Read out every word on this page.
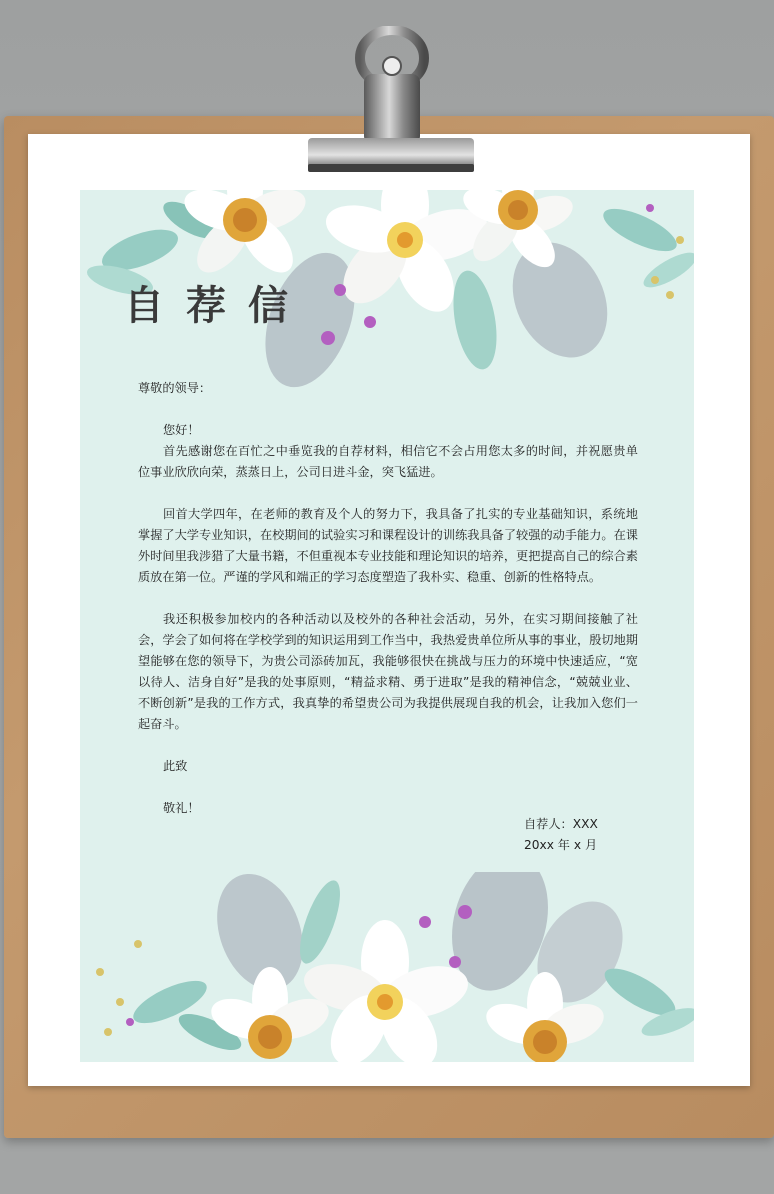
自荐信

尊敬的领导：

您好！

首先感谢您在百忙之中垂览我的自荐材料，相信它不会占用您太多的时间，并祝愿贵单位事业欣欣向荣，蒸蒸日上，公司日进斗金，突飞猛进。

回首大学四年，在老师的教育及个人的努力下，我具备了扎实的专业基础知识，系统地掌握了大学专业知识，在校期间的试验实习和课程设计的训练我具备了较强的动手能力。在课外时间里我涉猎了大量书籍，不但重视本专业技能和理论知识的培养，更把提高自己的综合素质放在第一位。严谨的学风和端正的学习态度塑造了我朴实、稳重、创新的性格特点。

我还积极参加校内的各种活动以及校外的各种社会活动，另外，在实习期间接触了社会，学会了如何将在学校学到的知识运用到工作当中，我热爱贵单位所从事的事业，殷切地期望能够在您的领导下，为贵公司添砖加瓦，我能够很快在挑战与压力的环境中快速适应，“宽以待人、洁身自好”是我的处事原则，“精益求精、勇于进取”是我的精神信念，“兢兢业业、不断创新”是我的工作方式，我真挚的希望贵公司为我提供展现自我的机会，让我加入您们一起奋斗。

此致

敬礼！

自荐人：XXX
20xx 年 x 月
